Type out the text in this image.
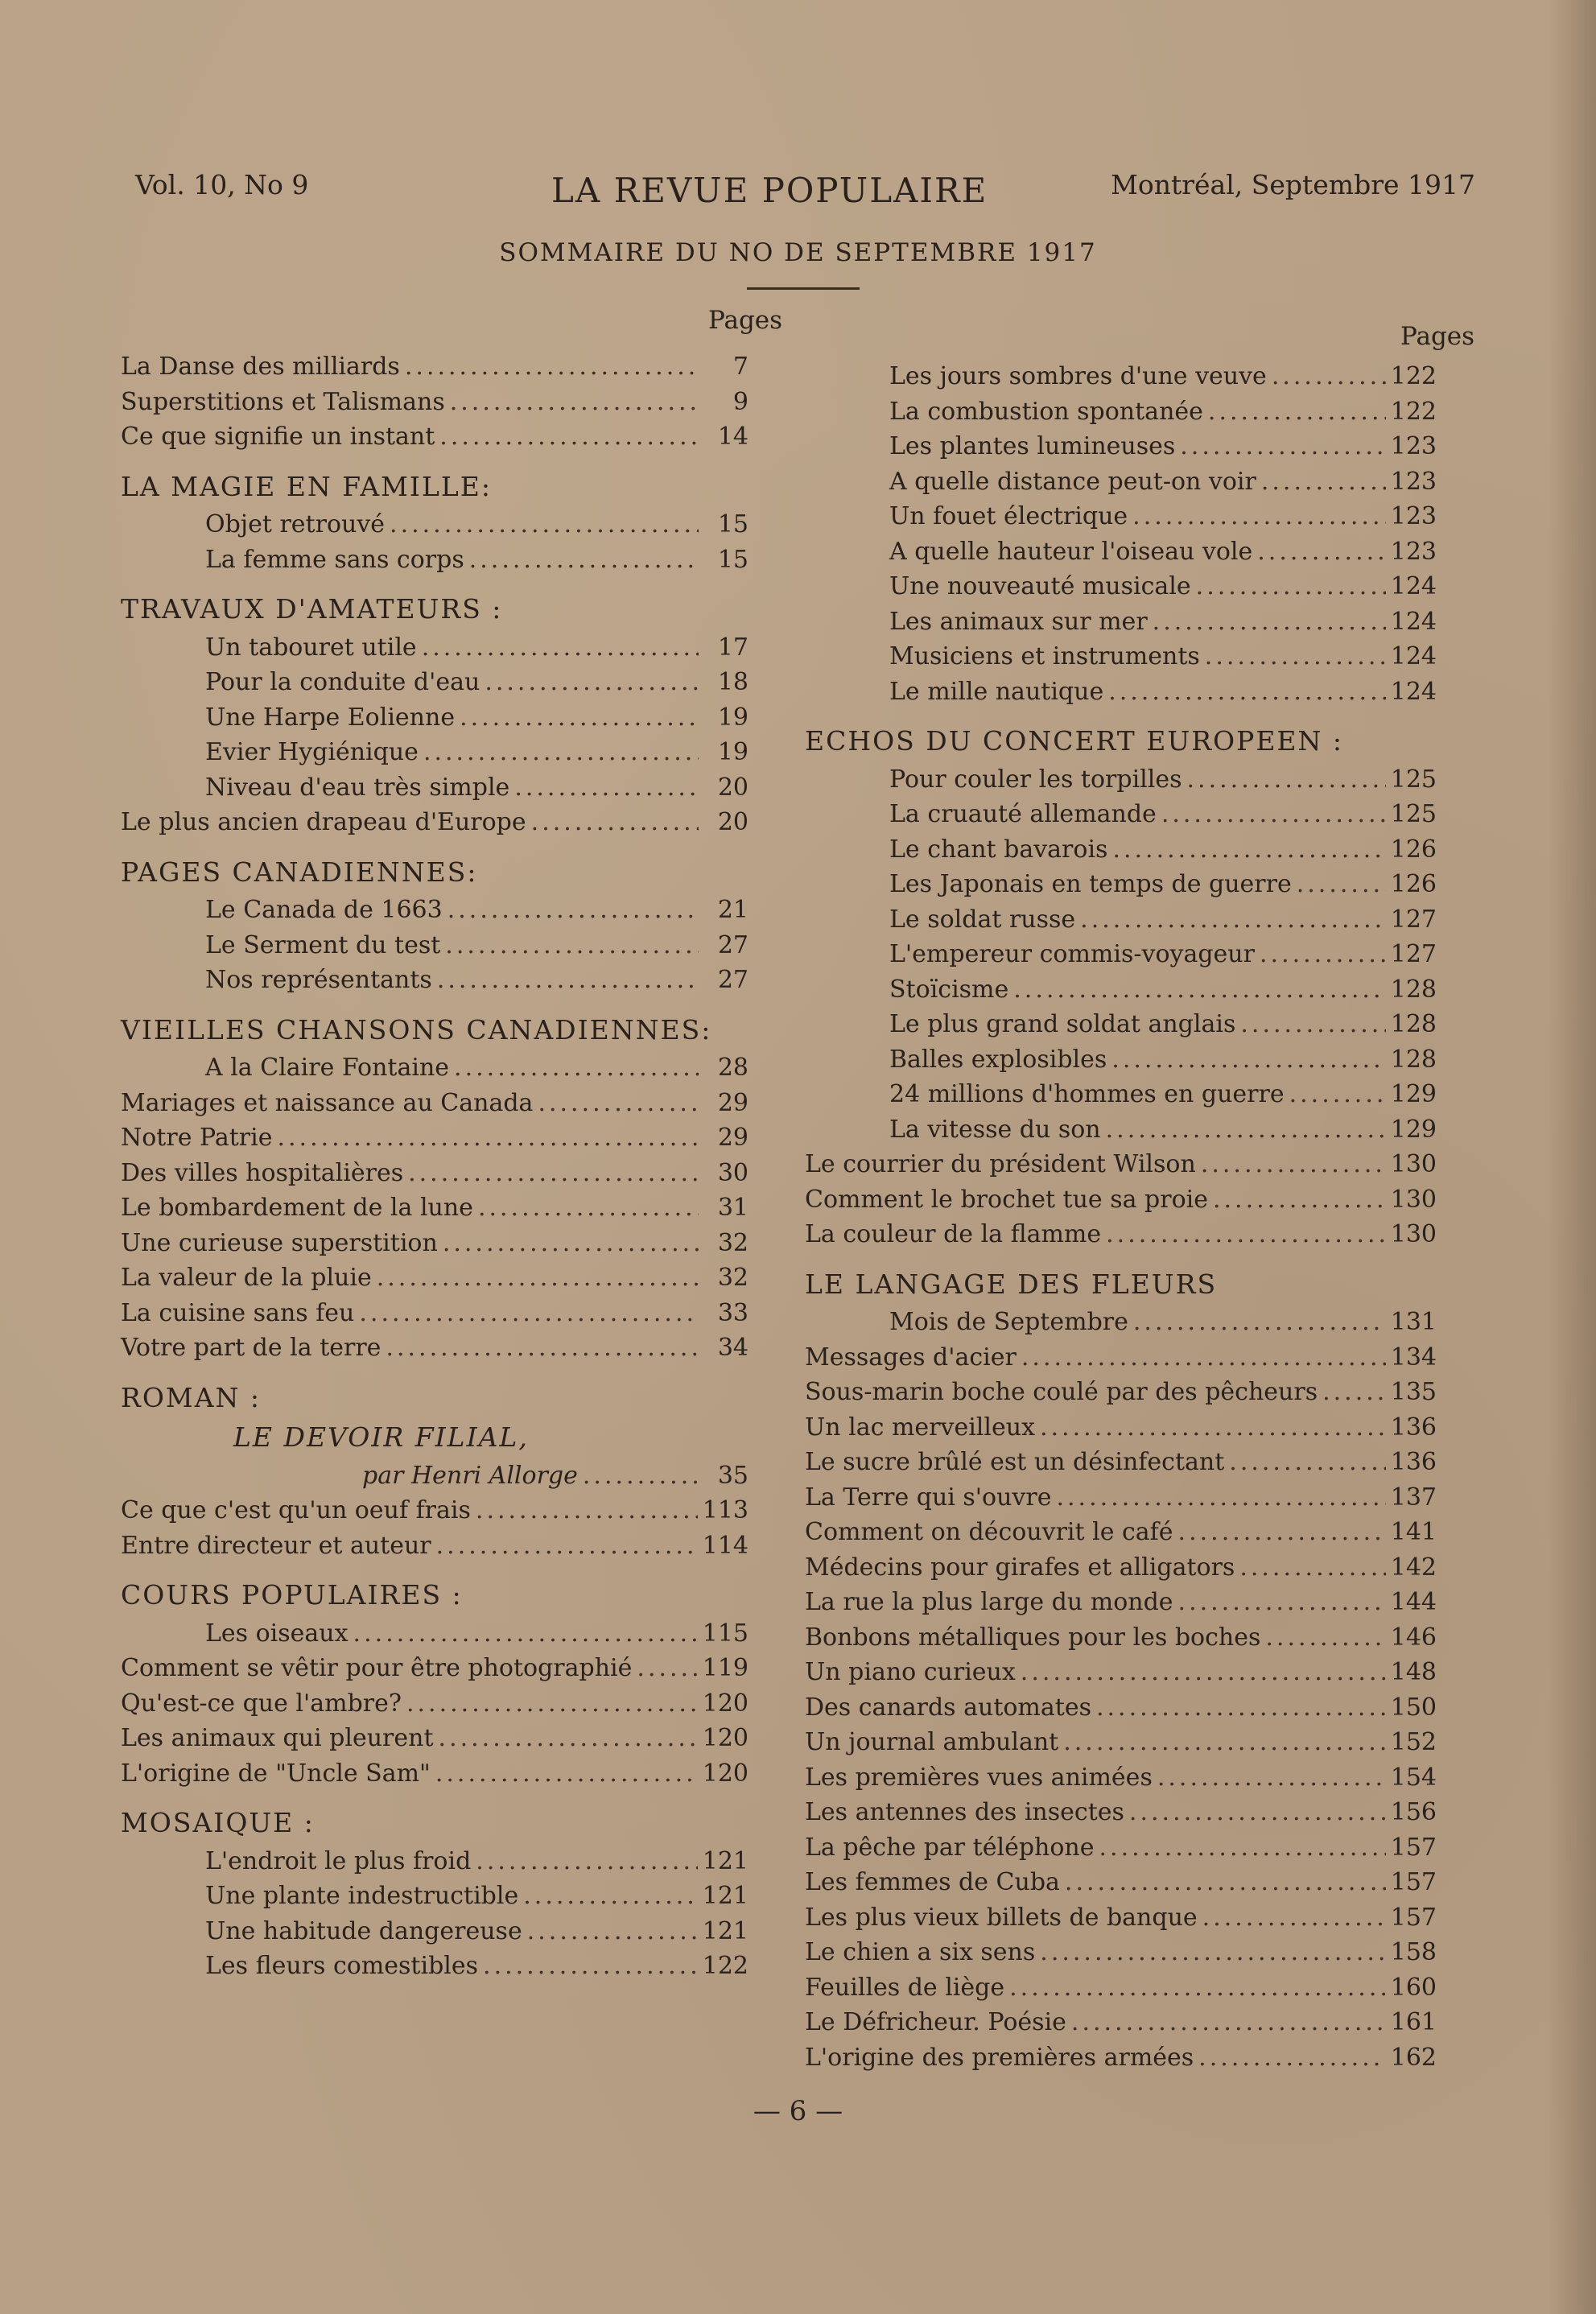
Vol. 10, No 9	LA REVUE POPULAIRE	Montréal, Septembre 1917
SOMMAIRE DU NO DE SEPTEMBRE 1917
Pages
La Danse des milliards .....	7
Superstitions et Talismans .....	9
Ce que signifie un instant .....	14
LA MAGIE EN FAMILLE:
Objet retrouvé .....	15
La femme sans corps .....	15
TRAVAUX D'AMATEURS :
Un tabouret utile .....	17
Pour la conduite d'eau .....	18
Une Harpe Eolienne .....	19
Evier Hygiénique .....	19
Niveau d'eau très simple .....	20
Le plus ancien drapeau d'Europe .....	20
PAGES CANADIENNES:
Le Canada de 1663 .....	21
Le Serment du test .....	27
Nos représentants .....	27
VIEILLES CHANSONS CANADIENNES:
A la Claire Fontaine .....	28
Mariages et naissance au Canada .....	29
Notre Patrie .....	29
Des villes hospitalières .....	30
Le bombardement de la lune .....	31
Une curieuse superstition .....	32
La valeur de la pluie .....	32
La cuisine sans feu .....	33
Votre part de la terre .....	34
ROMAN :
LE DEVOIR FILIAL,
par Henri Allorge .....	35
Ce que c'est qu'un oeuf frais .....	113
Entre directeur et auteur .....	114
COURS POPULAIRES :
Les oiseaux .....	115
Comment se vêtir pour être photographié .....	119
Qu'est-ce que l'ambre? .....	120
Les animaux qui pleurent .....	120
L'origine de "Uncle Sam" .....	120
MOSAIQUE :
L'endroit le plus froid .....	121
Une plante indestructible .....	121
Une habitude dangereuse .....	121
Les fleurs comestibles .....	122
Pages
Les jours sombres d'une veuve .....	122
La combustion spontanée .....	122
Les plantes lumineuses .....	123
A quelle distance peut-on voir .....	123
Un fouet électrique .....	123
A quelle hauteur l'oiseau vole .....	123
Une nouveauté musicale .....	124
Les animaux sur mer .....	124
Musiciens et instruments .....	124
Le mille nautique .....	124
ECHOS DU CONCERT EUROPEEN :
Pour couler les torpilles .....	125
La cruauté allemande .....	125
Le chant bavarois .....	126
Les Japonais en temps de guerre .....	126
Le soldat russe .....	127
L'empereur commis-voyageur .....	127
Stoïcisme .....	128
Le plus grand soldat anglais .....	128
Balles explosibles .....	128
24 millions d'hommes en guerre .....	129
La vitesse du son .....	129
Le courrier du président Wilson .....	130
Comment le brochet tue sa proie .....	130
La couleur de la flamme .....	130
LE LANGAGE DES FLEURS
Mois de Septembre .....	131
Messages d'acier .....	134
Sous-marin boche coulé par des pêcheurs .....	135
Un lac merveilleux .....	136
Le sucre brûlé est un désinfectant .....	136
La Terre qui s'ouvre .....	137
Comment on découvrit le café .....	141
Médecins pour girafes et alligators .....	142
La rue la plus large du monde .....	144
Bonbons métalliques pour les boches .....	146
Un piano curieux .....	148
Des canards automates .....	150
Un journal ambulant .....	152
Les premières vues animées .....	154
Les antennes des insectes .....	156
La pêche par téléphone .....	157
Les femmes de Cuba .....	157
Les plus vieux billets de banque .....	157
Le chien a six sens .....	158
Feuilles de liège .....	160
Le Défricheur. Poésie .....	161
L'origine des premières armées .....	162
— 6 —
